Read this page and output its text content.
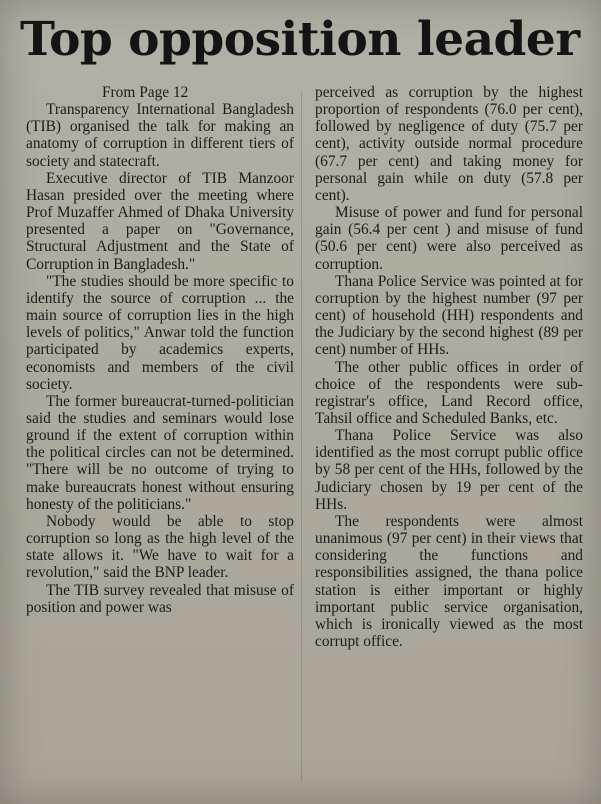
Top opposition leader

From Page 12

Transparency International Bangladesh (TIB) organised the talk for making an anatomy of corruption in different tiers of society and statecraft.

Executive director of TIB Manzoor Hasan presided over the meeting where Prof Muzaffer Ahmed of Dhaka University presented a paper on "Governance, Structural Adjustment and the State of Corruption in Bangladesh."

"The studies should be more specific to identify the source of corruption ... the main source of corruption lies in the high levels of politics," Anwar told the function participated by academics experts, economists and members of the civil society.

The former bureaucrat-turned-politician said the studies and seminars would lose ground if the extent of corruption within the political circles can not be determined. "There will be no outcome of trying to make bureaucrats honest without ensuring honesty of the politicians."

Nobody would be able to stop corruption so long as the high level of the state allows it. "We have to wait for a revolution," said the BNP leader.

The TIB survey revealed that misuse of position and power was

perceived as corruption by the highest proportion of respondents (76.0 per cent), followed by negligence of duty (75.7 per cent), activity outside normal procedure (67.7 per cent) and taking money for personal gain while on duty (57.8 per cent).

Misuse of power and fund for personal gain (56.4 per cent ) and misuse of fund (50.6 per cent) were also perceived as corruption.

Thana Police Service was pointed at for corruption by the highest number (97 per cent) of household (HH) respondents and the Judiciary by the second highest (89 per cent) number of HHs.

The other public offices in order of choice of the respondents were sub-registrar's office, Land Record office, Tahsil office and Scheduled Banks, etc.

Thana Police Service was also identified as the most corrupt public office by 58 per cent of the HHs, followed by the Judiciary chosen by 19 per cent of the HHs.

The respondents were almost unanimous (97 per cent) in their views that considering the functions and responsibilities assigned, the thana police station is either important or highly important public service organisation, which is ironically viewed as the most corrupt office.
